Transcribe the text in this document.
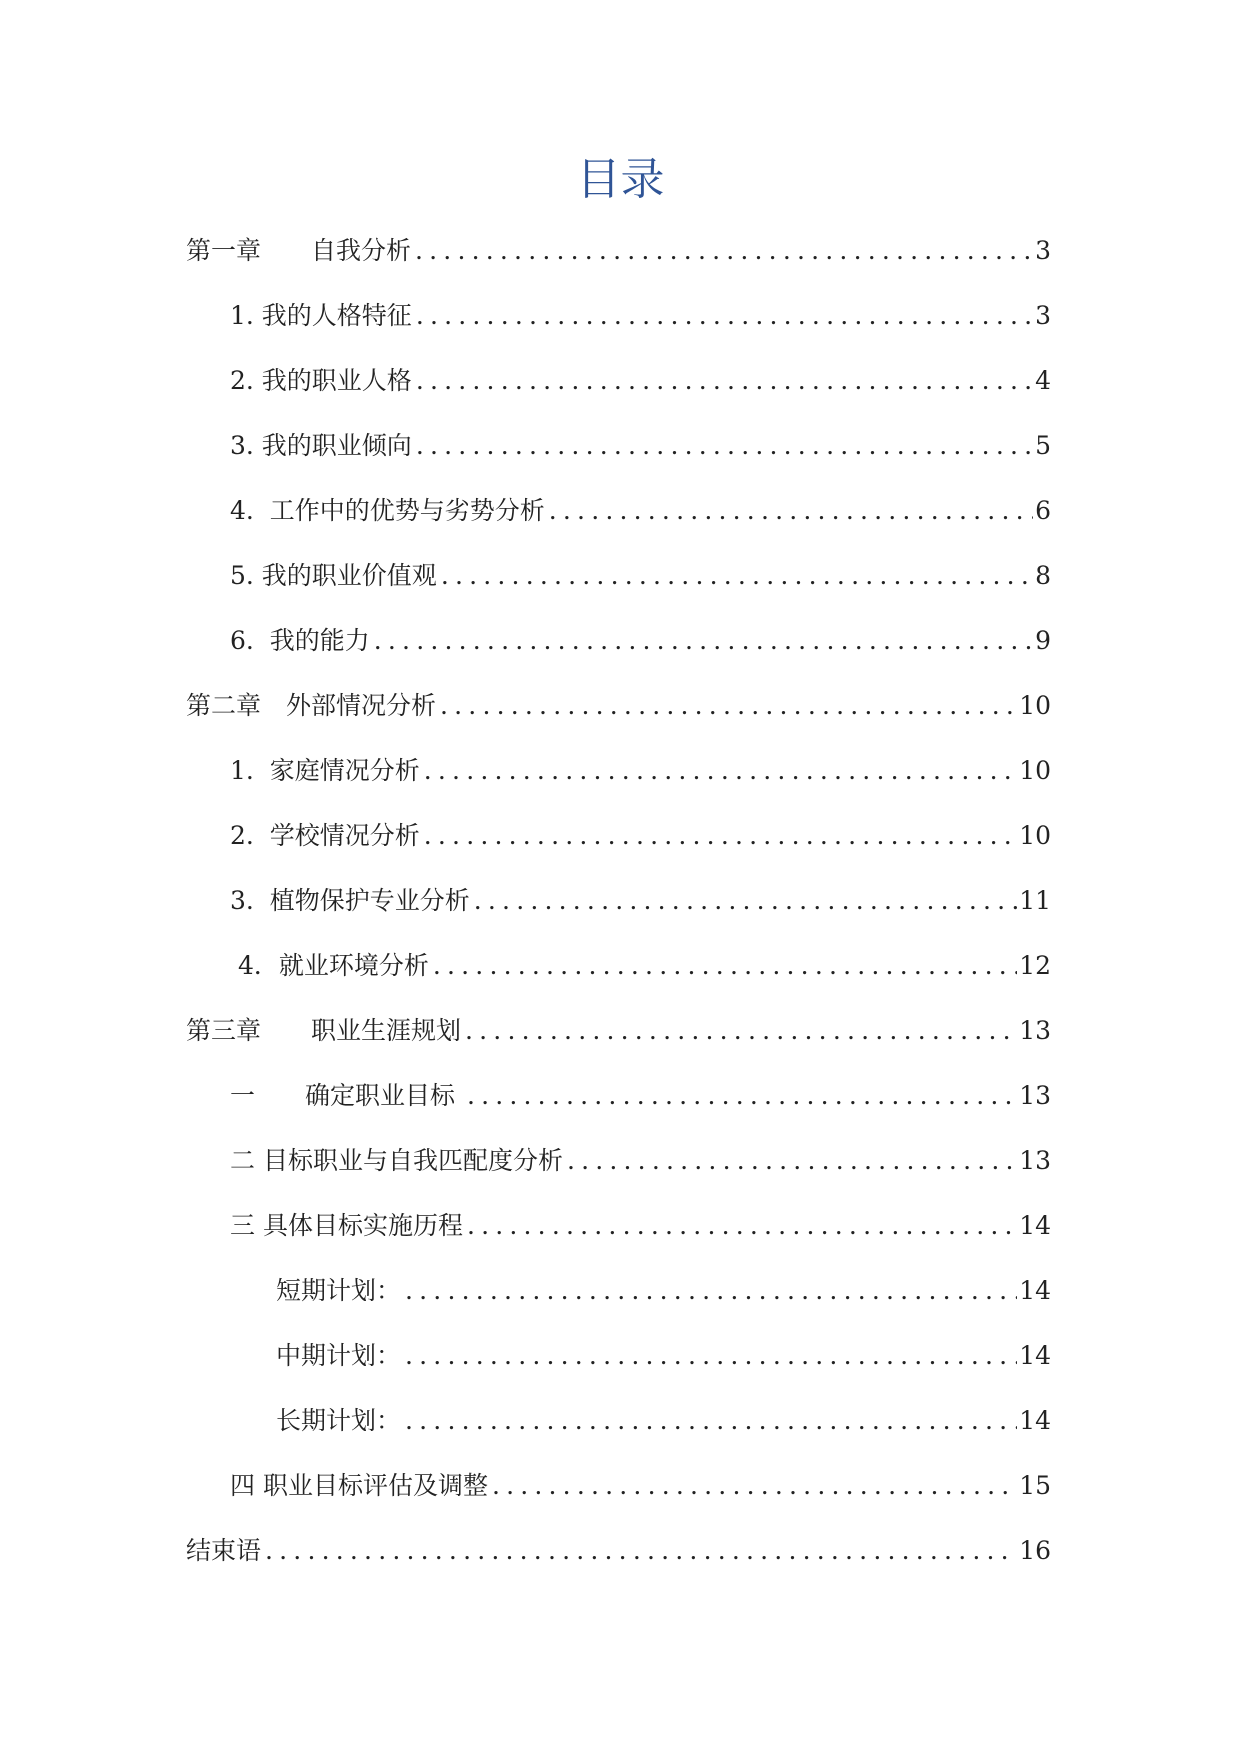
目录
第一章　　自我分析 .....	3
1. 我的人格特征 .....	3
2. 我的职业人格 .....	4
3. 我的职业倾向 .....	5
4.  工作中的优势与劣势分析 .....	6
5. 我的职业价值观 .....	8
6.  我的能力 .....	9
第二章　外部情况分析 .....	10
1.  家庭情况分析 .....	10
2.  学校情况分析 .....	10
3.  植物保护专业分析 .....	11
4．就业环境分析 .....	12
第三章　　职业生涯规划 .....	13
一　　确定职业目标 .....	13
二 目标职业与自我匹配度分析 .....	13
三 具体目标实施历程 .....	14
短期计划： .....	14
中期计划： .....	14
长期计划： .....	14
四 职业目标评估及调整 .....	15
结束语 .....	16
